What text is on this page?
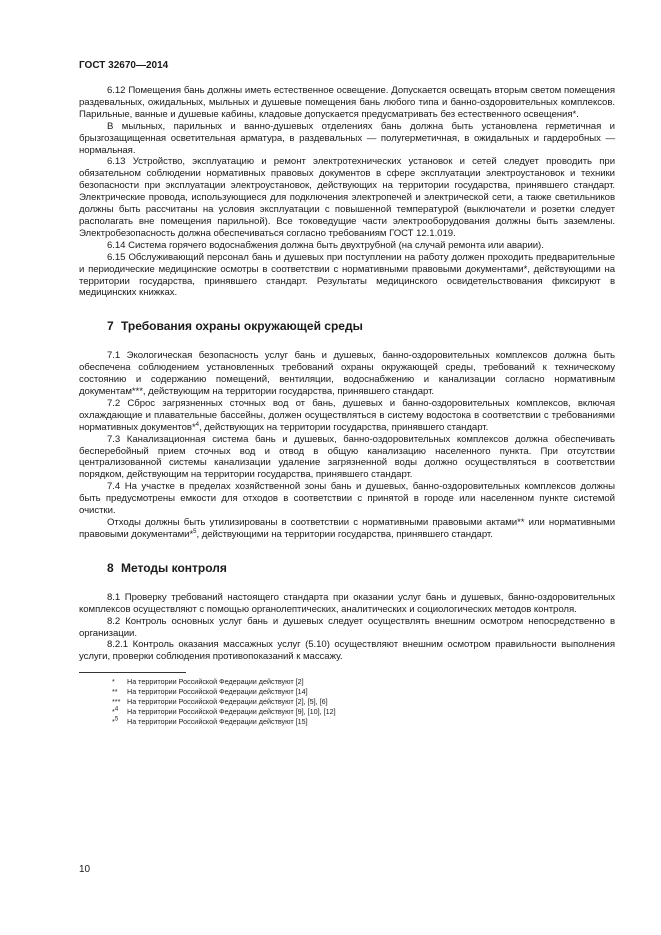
ГОСТ 32670—2014

6.12 Помещения бань должны иметь естественное освещение. Допускается освещать вторым светом помещения раздевальных, ожидальных, мыльных и душевые помещения бань любого типа и банно-оздоровительных комплексов. Парильные, ванные и душевые кабины, кладовые допускается предусматривать без естественного освещения*.

В мыльных, парильных и ванно-душевых отделениях бань должна быть установлена герметичная и брызгозащищенная осветительная арматура, в раздевальных — полугерметичная, в ожидальных и гардеробных — нормальная.

6.13 Устройство, эксплуатацию и ремонт электротехнических установок и сетей следует проводить при обязательном соблюдении нормативных правовых документов в сфере эксплуатации электроустановок и техники безопасности при эксплуатации электроустановок, действующих на территории государства, принявшего стандарт. Электрические провода, использующиеся для подключения электропечей и электрической сети, а также светильников должны быть рассчитаны на условия эксплуатации с повышенной температурой (выключатели и розетки следует располагать вне помещения парильной). Все токоведущие части электрооборудования должны быть заземлены. Электробезопасность должна обеспечиваться согласно требованиям ГОСТ 12.1.019.

6.14 Система горячего водоснабжения должна быть двухтрубной (на случай ремонта или аварии).

6.15 Обслуживающий персонал бань и душевых при поступлении на работу должен проходить предварительные и периодические медицинские осмотры в соответствии с нормативными правовыми документами*, действующими на территории государства, принявшего стандарт. Результаты медицинского освидетельствования фиксируют в медицинских книжках.

7 Требования охраны окружающей среды

7.1 Экологическая безопасность услуг бань и душевых, банно-оздоровительных комплексов должна быть обеспечена соблюдением установленных требований охраны окружающей среды, требований к техническому состоянию и содержанию помещений, вентиляции, водоснабжению и канализации согласно нормативным документам***, действующим на территории государства, принявшего стандарт.

7.2 Сброс загрязненных сточных вод от бань, душевых и банно-оздоровительных комплексов, включая охлаждающие и плавательные бассейны, должен осуществляться в систему водостока в соответствии с требованиями нормативных документов*$^4$, действующих на территории государства, принявшего стандарт.

7.3 Канализационная система бань и душевых, банно-оздоровительных комплексов должна обеспечивать бесперебойный прием сточных вод и отвод в общую канализацию населенного пункта. При отсутствии централизованной системы канализации удаление загрязненной воды должно осуществляться в соответствии порядком, действующим на территории государства, принявшего стандарт.

7.4 На участке в пределах хозяйственной зоны бань и душевых, банно-оздоровительных комплексов должны быть предусмотрены емкости для отходов в соответствии с принятой в городе или населенном пункте системой очистки.

Отходы должны быть утилизированы в соответствии с нормативными правовыми актами** или нормативными правовыми документами*$^5$, действующими на территории государства, принявшего стандарт.

8 Методы контроля

8.1 Проверку требований настоящего стандарта при оказании услуг бань и душевых, банно-оздоровительных комплексов осуществляют с помощью органолептических, аналитических и социологических методов контроля.

8.2 Контроль основных услуг бань и душевых следует осуществлять внешним осмотром непосредственно в организации.

8.2.1 Контроль оказания массажных услуг (5.10) осуществляют внешним осмотром правильности выполнения услуги, проверки соблюдения противопоказаний к массажу.

* На территории Российской Федерации действуют [2]
** На территории Российской Федерации действуют [14]
*** На территории Российской Федерации действуют [2], [5], [6]
*$^4$ На территории Российской Федерации действуют [9], [10], [12]
*$^5$ На территории Российской Федерации действуют [15]
10
